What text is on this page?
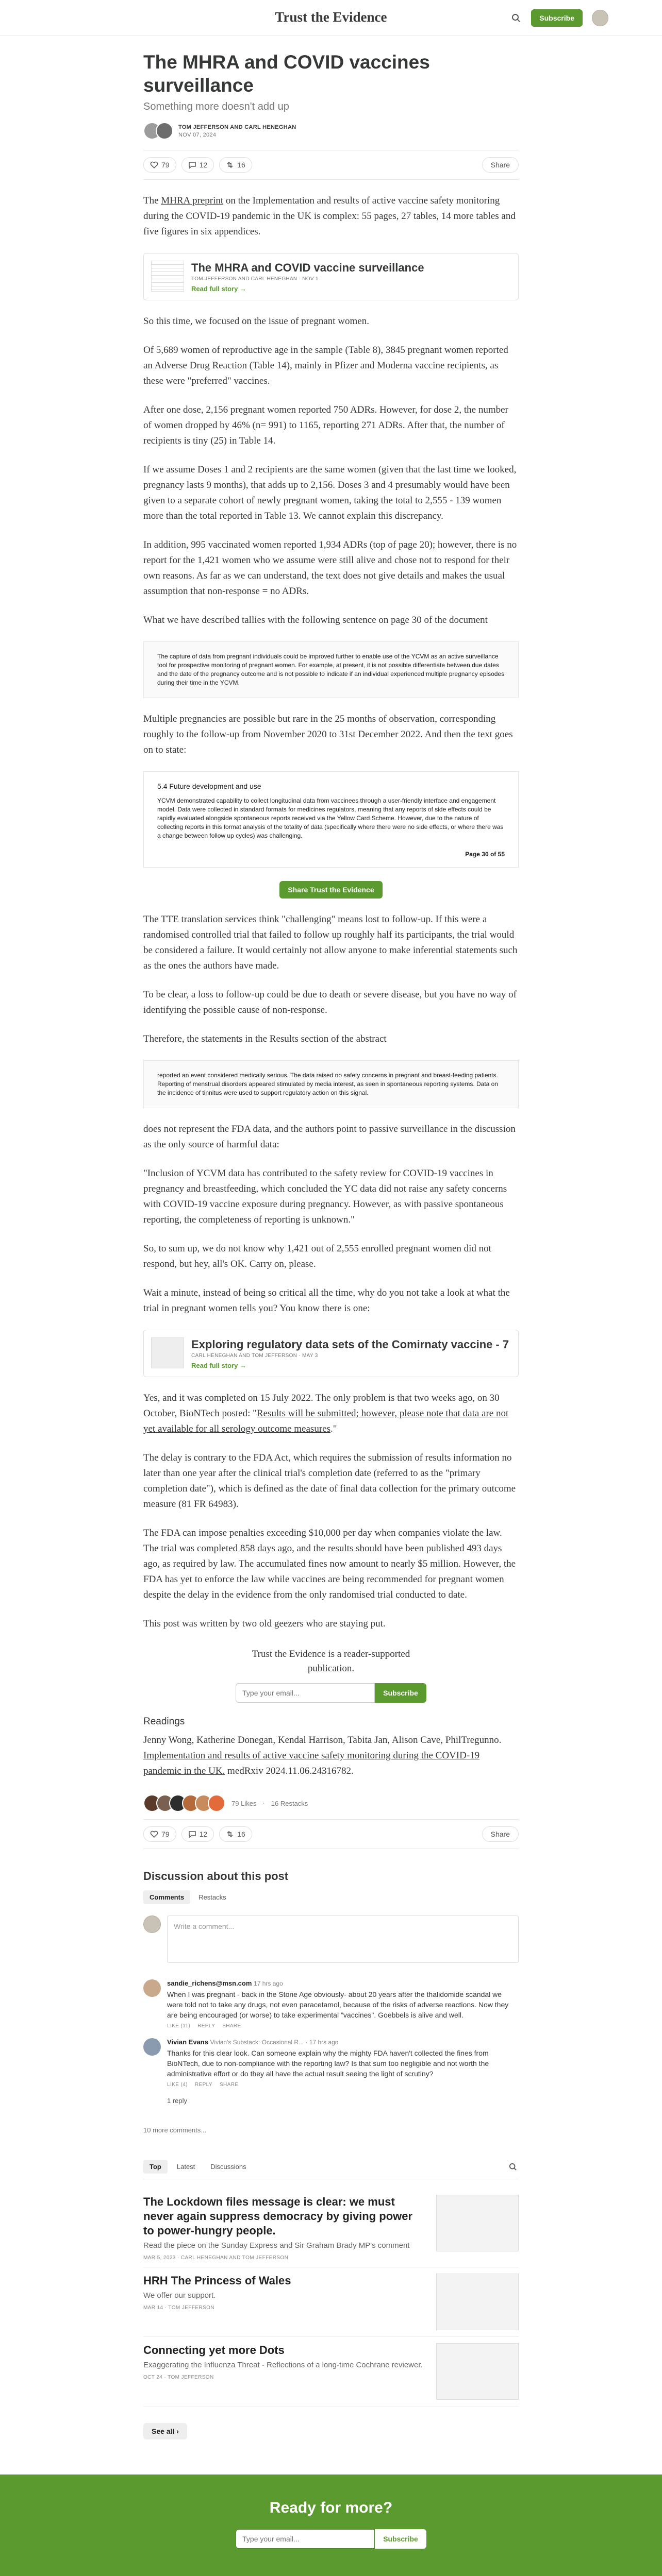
Trust the Evidence	Subscribe
The MHRA and COVID vaccines surveillance
Something more doesn't add up
TOM JEFFERSON AND CARL HENEGHAN
NOV 07, 2024
79	12	16	Share

The MHRA preprint on the Implementation and results of active vaccine safety monitoring during the COVID-19 pandemic in the UK is complex: 55 pages, 27 tables, 14 more tables and five figures in six appendices.

The MHRA and COVID vaccine surveillance
TOM JEFFERSON AND CARL HENEGHAN · NOV 1
Read full story →

So this time, we focused on the issue of pregnant women.

Of 5,689 women of reproductive age in the sample (Table 8), 3845 pregnant women reported an Adverse Drug Reaction (Table 14), mainly in Pfizer and Moderna vaccine recipients, as these were "preferred" vaccines.

After one dose, 2,156 pregnant women reported 750 ADRs. However, for dose 2, the number of women dropped by 46% (n= 991) to 1165, reporting 271 ADRs. After that, the number of recipients is tiny (25) in Table 14.

If we assume Doses 1 and 2 recipients are the same women (given that the last time we looked, pregnancy lasts 9 months), that adds up to 2,156. Doses 3 and 4 presumably would have been given to a separate cohort of newly pregnant women, taking the total to 2,555 - 139 women more than the total reported in Table 13. We cannot explain this discrepancy.

In addition, 995 vaccinated women reported 1,934 ADRs (top of page 20); however, there is no report for the 1,421 women who we assume were still alive and chose not to respond for their own reasons. As far as we can understand, the text does not give details and makes the usual assumption that non-response = no ADRs.

What we have described tallies with the following sentence on page 30 of the document

The capture of data from pregnant individuals could be improved further to enable use of the YCVM as an active surveillance tool for prospective monitoring of pregnant women. For example, at present, it is not possible differentiate between due dates and the date of the pregnancy outcome and is not possible to indicate if an individual experienced multiple pregnancy episodes during their time in the YCVM.

Multiple pregnancies are possible but rare in the 25 months of observation, corresponding roughly to the follow-up from November 2020 to 31st December 2022. And then the text goes on to state:

5.4 Future development and use
YCVM demonstrated capability to collect longitudinal data from vaccinees through a user-friendly interface and engagement model. Data were collected in standard formats for medicines regulators, meaning that any reports of side effects could be rapidly evaluated alongside spontaneous reports received via the Yellow Card Scheme. However, due to the nature of collecting reports in this format analysis of the totality of data (specifically where there were no side effects, or where there was a change between follow up cycles) was challenging.
Page 30 of 55
Share Trust the Evidence

The TTE translation services think "challenging" means lost to follow-up. If this were a randomised controlled trial that failed to follow up roughly half its participants, the trial would be considered a failure. It would certainly not allow anyone to make inferential statements such as the ones the authors have made.

To be clear, a loss to follow-up could be due to death or severe disease, but you have no way of identifying the possible cause of non-response.

Therefore, the statements in the Results section of the abstract

reported an event considered medically serious. The data raised no safety concerns in pregnant and breast-feeding patients. Reporting of menstrual disorders appeared stimulated by media interest, as seen in spontaneous reporting systems. Data on the incidence of tinnitus were used to support regulatory action on this signal.

does not represent the FDA data, and the authors point to passive surveillance in the discussion as the only source of harmful data:

"Inclusion of YCVM data has contributed to the safety review for COVID-19 vaccines in pregnancy and breastfeeding, which concluded the YC data did not raise any safety concerns with COVID-19 vaccine exposure during pregnancy. However, as with passive spontaneous reporting, the completeness of reporting is unknown."

So, to sum up, we do not know why 1,421 out of 2,555 enrolled pregnant women did not respond, but hey, all's OK. Carry on, please.

Wait a minute, instead of being so critical all the time, why do you not take a look at what the trial in pregnant women tells you? You know there is one:

Exploring regulatory data sets of the Comirnaty vaccine - 7
CARL HENEGHAN AND TOM JEFFERSON · MAY 3
Read full story →

Yes, and it was completed on 15 July 2022. The only problem is that two weeks ago, on 30 October, BioNTech posted: "Results will be submitted; however, please note that data are not yet available for all serology outcome measures."

The delay is contrary to the FDA Act, which requires the submission of results information no later than one year after the clinical trial's completion date (referred to as the "primary completion date"), which is defined as the date of final data collection for the primary outcome measure (81 FR 64983).

The FDA can impose penalties exceeding $10,000 per day when companies violate the law. The trial was completed 858 days ago, and the results should have been published 493 days ago, as required by law. The accumulated fines now amount to nearly $5 million. However, the FDA has yet to enforce the law while vaccines are being recommended for pregnant women despite the delay in the evidence from the only randomised trial conducted to date.

This post was written by two old geezers who are staying put.

Trust the Evidence is a reader-supported publication.
Type your email...
Subscribe
Readings

Jenny Wong, Katherine Donegan, Kendal Harrison, Tabita Jan, Alison Cave, PhilTregunno. Implementation and results of active vaccine safety monitoring during the COVID-19 pandemic in the UK. medRxiv 2024.11.06.24316782.

79 Likes · 16 Restacks
79	12	16	Share
Discussion about this post
Comments	Restacks
Write a comment...
sandie_richens@msn.com 17 hrs ago
When I was pregnant - back in the Stone Age obviously- about 20 years after the thalidomide scandal we were told not to take any drugs, not even paracetamol, because of the risks of adverse reactions. Now they are being encouraged (or worse) to take experimental "vaccines". Goebbels is alive and well.
LIKE (11) REPLY SHARE
Vivian Evans Vivian's Substack: Occasional R... · 17 hrs ago
Thanks for this clear look. Can someone explain why the mighty FDA haven't collected the fines from BioNTech, due to non-compliance with the reporting law? Is that sum too negligible and not worth the administrative effort or do they all have the actual result seeing the light of scrutiny?
LIKE (4) REPLY SHARE
1 reply
10 more comments...
Top	Latest	Discussions
The Lockdown files message is clear: we must never again suppress democracy by giving power to power-hungry people.
Read the piece on the Sunday Express and Sir Graham Brady MP's comment
MAR 5, 2023 · CARL HENEGHAN AND TOM JEFFERSON
HRH The Princess of Wales
We offer our support.
MAR 14 · TOM JEFFERSON
Connecting yet more Dots
Exaggerating the Influenza Threat - Reflections of a long-time Cochrane reviewer.
OCT 24 · TOM JEFFERSON
See all ›
Ready for more?
Type your email...
Subscribe
